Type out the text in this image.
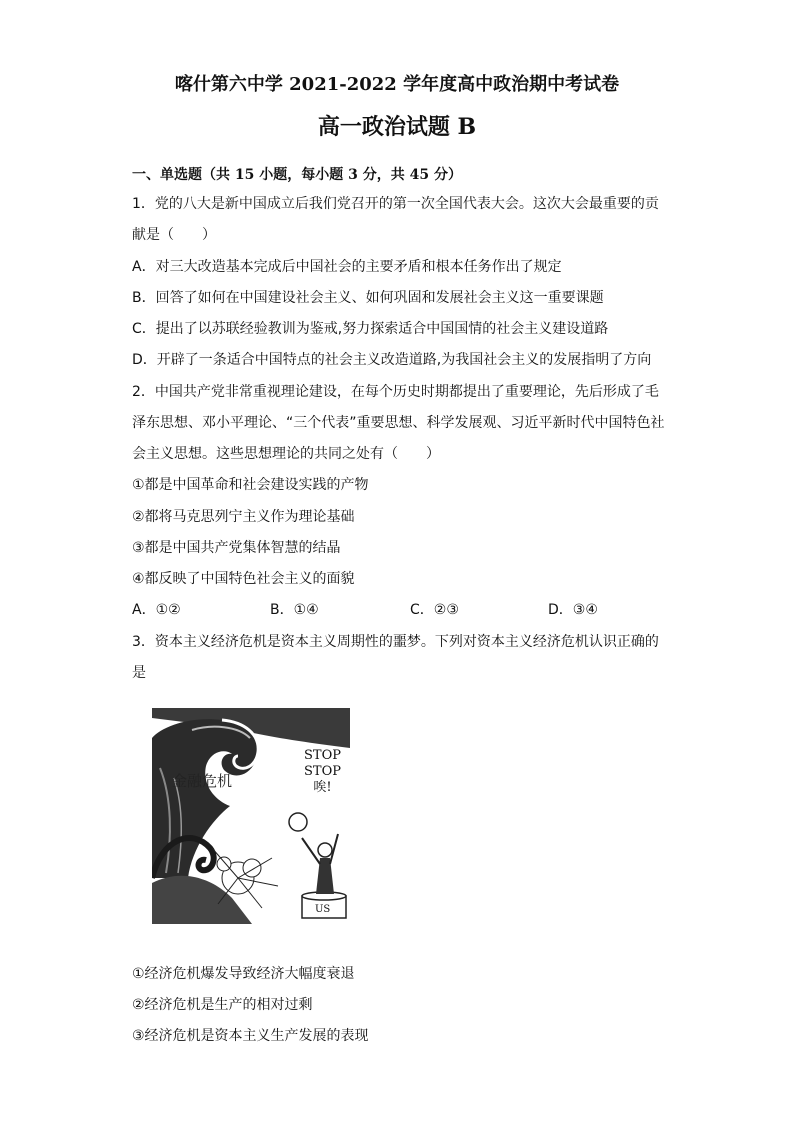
喀什第六中学 2021-2022 学年度高中政治期中考试卷
高一政治试题 B
一、单选题（共 15 小题，每小题 3 分，共 45 分）
1．党的八大是新中国成立后我们党召开的第一次全国代表大会。这次大会最重要的贡
献是（　　）
A．对三大改造基本完成后中国社会的主要矛盾和根本任务作出了规定
B．回答了如何在中国建设社会主义、如何巩固和发展社会主义这一重要课题
C．提出了以苏联经验教训为鉴戒,努力探索适合中国国情的社会主义建设道路
D．开辟了一条适合中国特点的社会主义改造道路,为我国社会主义的发展指明了方向
2．中国共产党非常重视理论建设，在每个历史时期都提出了重要理论，先后形成了毛
泽东思想、邓小平理论、“三个代表”重要思想、科学发展观、习近平新时代中国特色社
会主义思想。这些思想理论的共同之处有（　　）
①都是中国革命和社会建设实践的产物
②都将马克思列宁主义作为理论基础
③都是中国共产党集体智慧的结晶
④都反映了中国特色社会主义的面貌
A．①②	B．①④	C．②③	D．③④
3．资本主义经济危机是资本主义周期性的噩梦。下列对资本主义经济危机认识正确的
是
金融危机
STOP
STOP
唉!
US
①经济危机爆发导致经济大幅度衰退
②经济危机是生产的相对过剩
③经济危机是资本主义生产发展的表现
